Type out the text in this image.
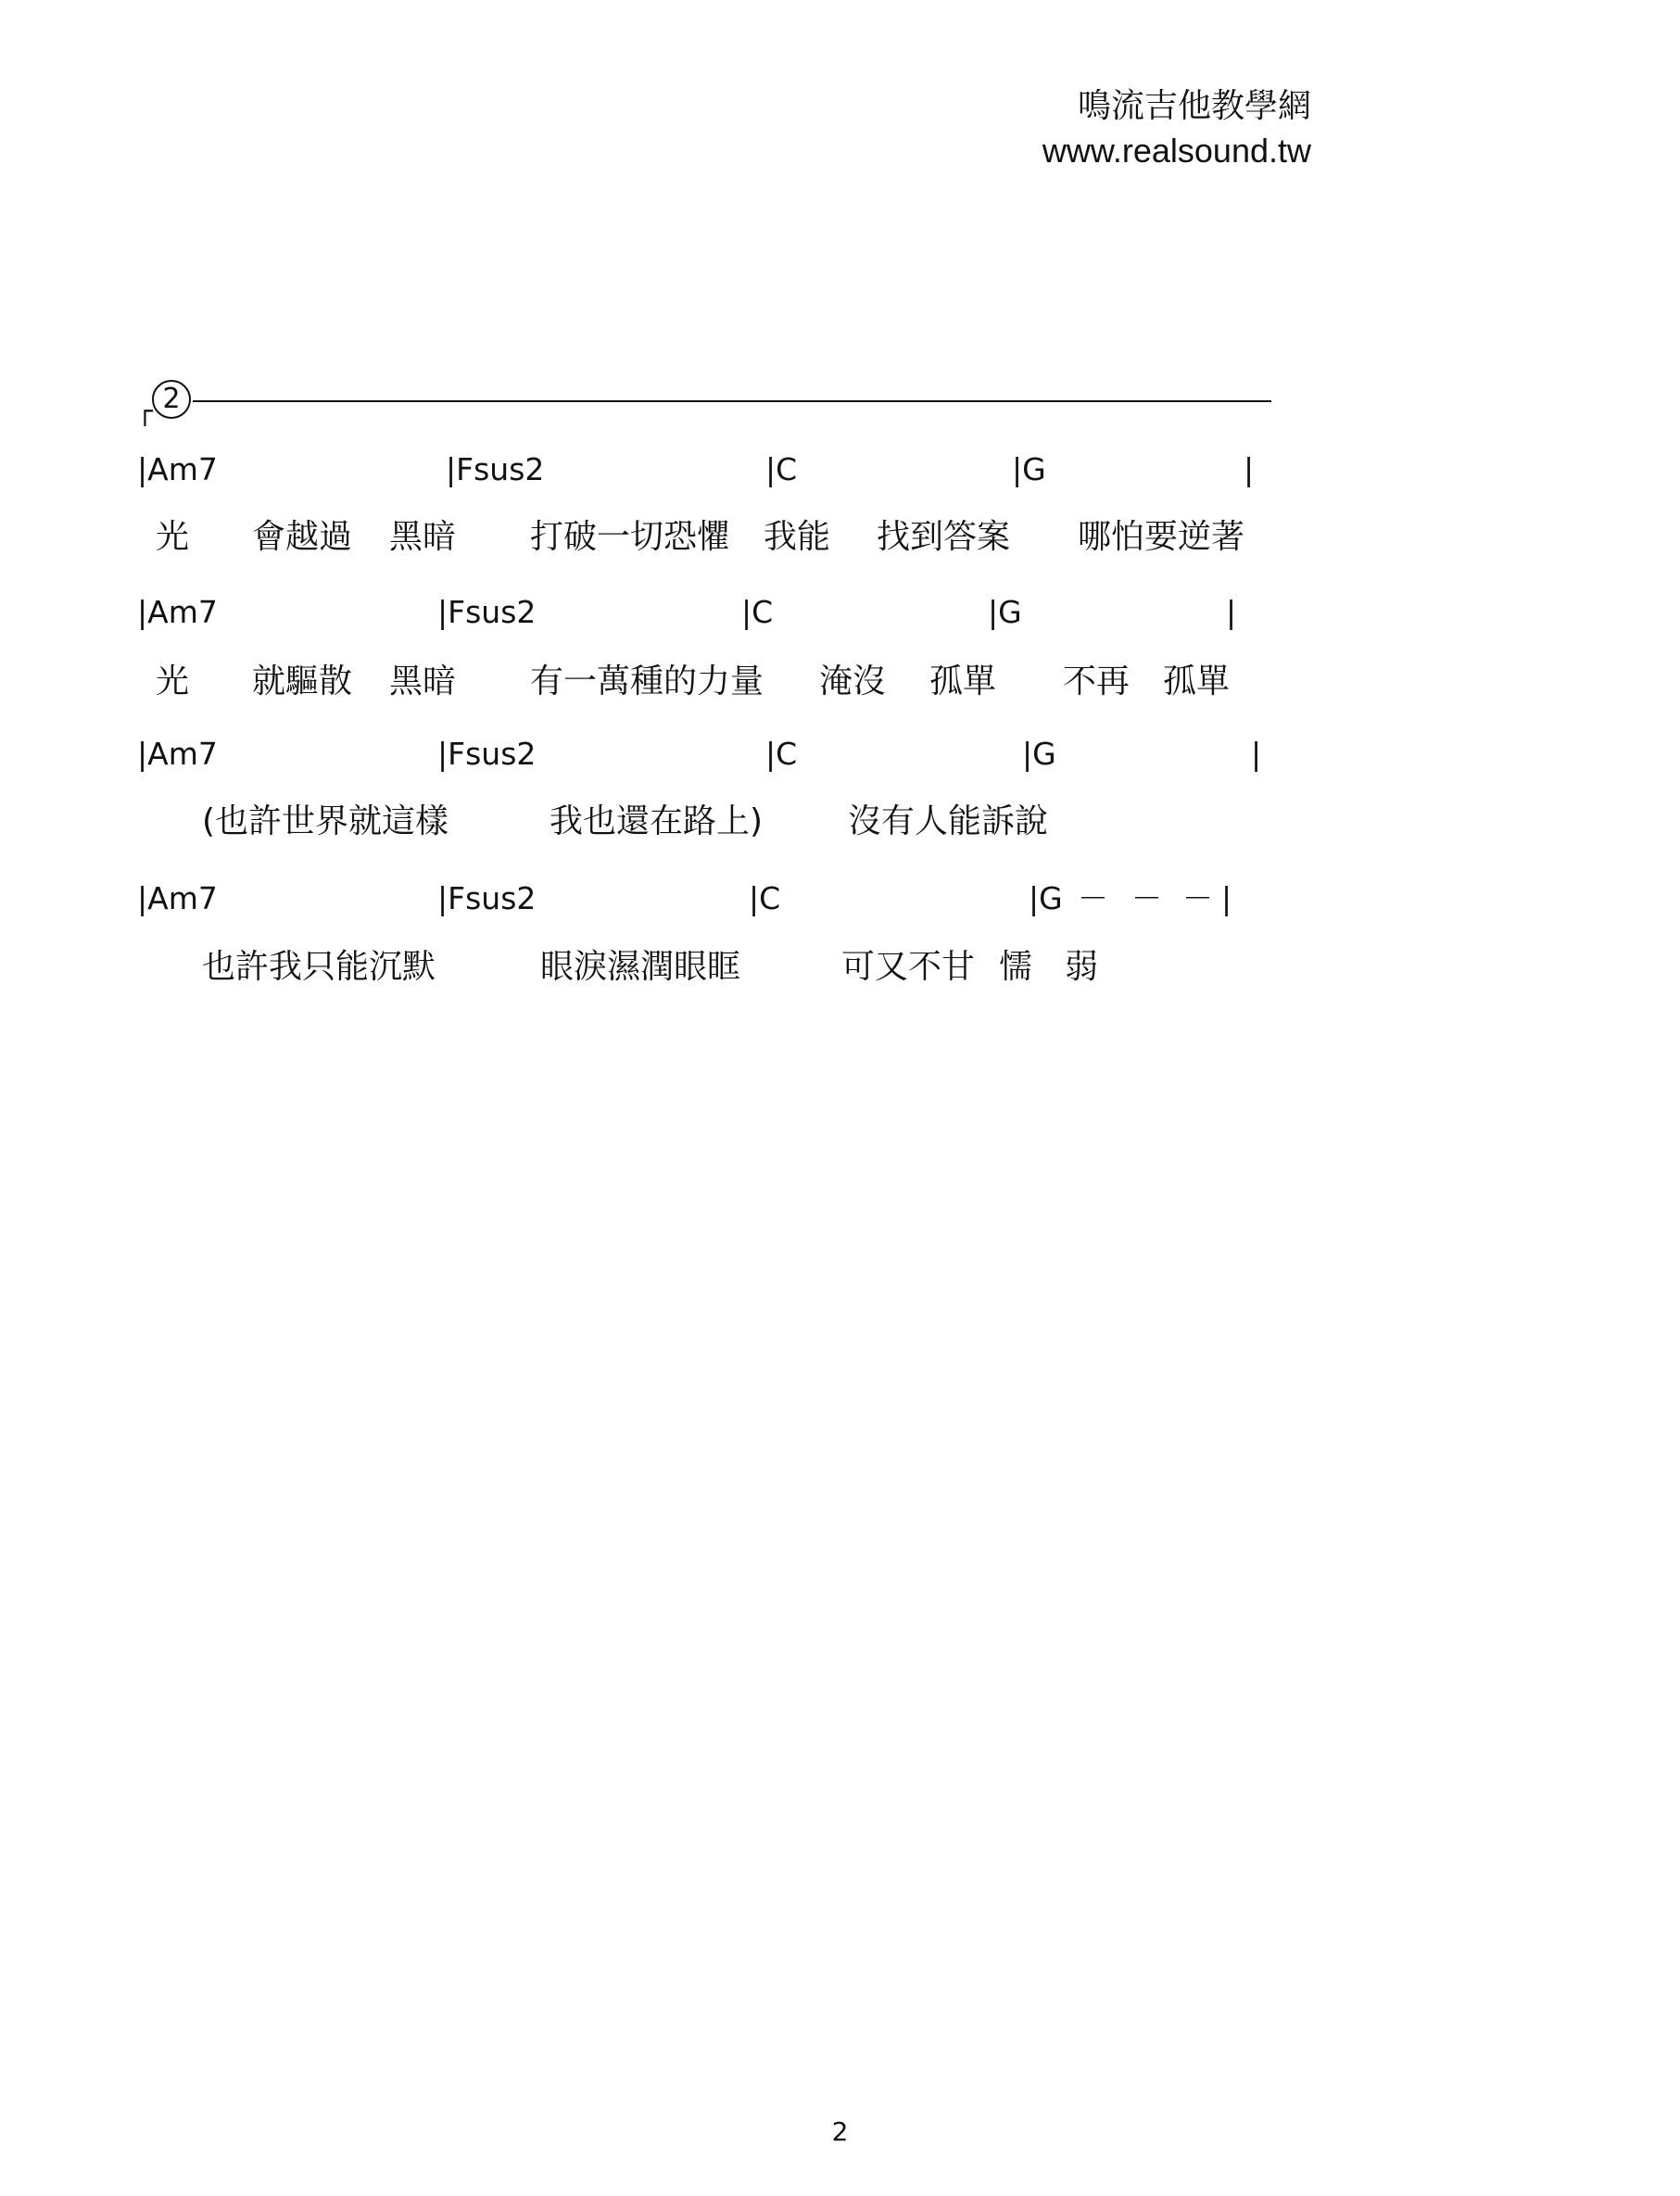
鳴流吉他教學網
www.realsound.tw
┌ 2
|Am7	|Fsus2	|C	|G	|
光 會越過 黑暗 打破一切恐懼 我能 找到答案 哪怕要逆著
|Am7	|Fsus2	|C	|G	|
光 就驅散 黑暗 有一萬種的力量 淹沒 孤單 不再 孤單
|Am7	|Fsus2	|C	|G	|
(也許世界就這樣	我也還在路上)	沒有人能訴說
|Am7	|Fsus2	|C	|G － － － |
也許我只能沉默	眼淚濕潤眼眶	可又不甘 懦 弱
2
